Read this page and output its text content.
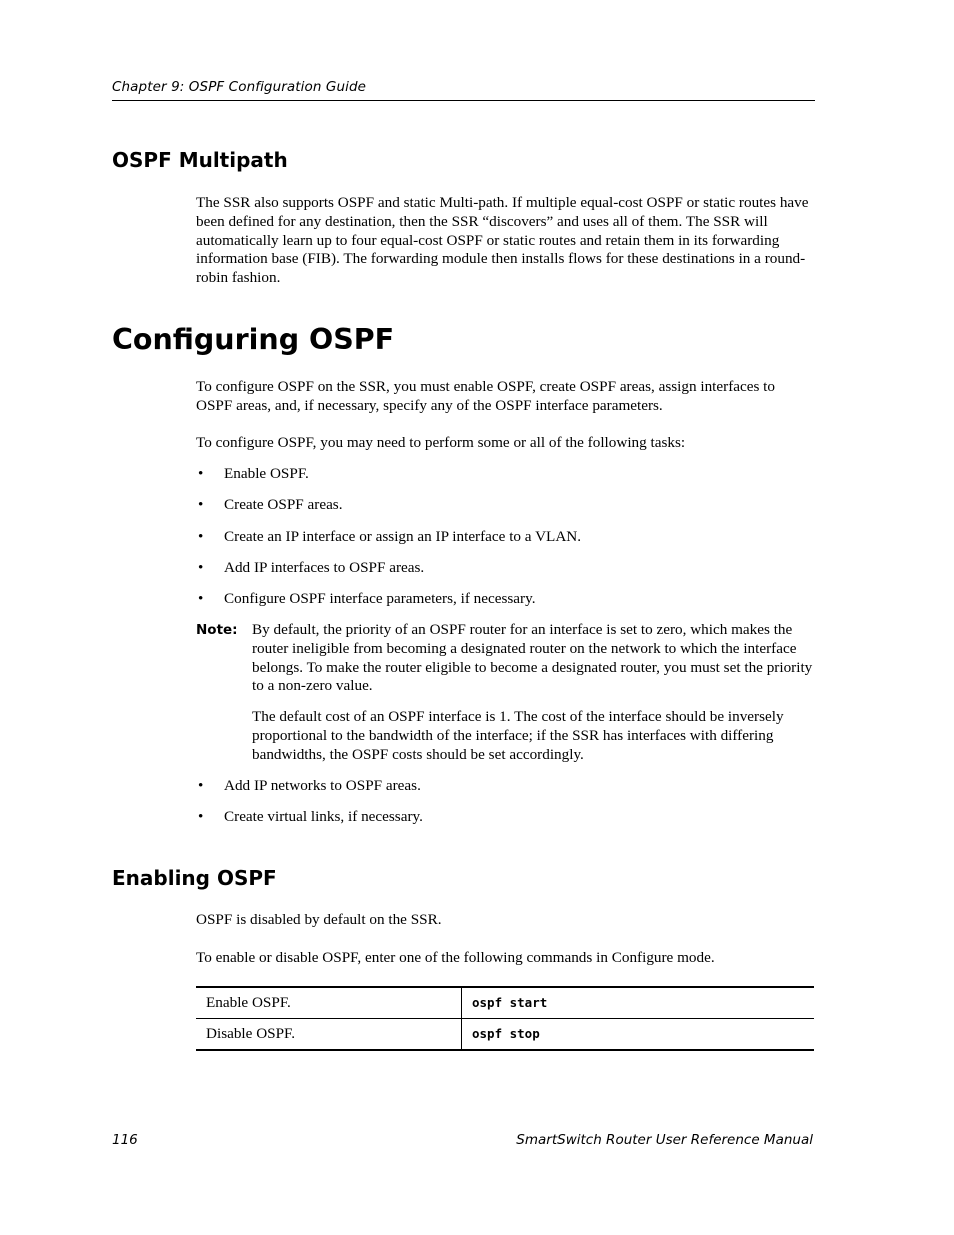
Chapter 9: OSPF Configuration Guide
OSPF Multipath

The SSR also supports OSPF and static Multi-path. If multiple equal-cost OSPF or static routes have been defined for any destination, then the SSR “discovers” and uses all of them. The SSR will automatically learn up to four equal-cost OSPF or static routes and retain them in its forwarding information base (FIB). The forwarding module then installs flows for these destinations in a round-robin fashion.

Configuring OSPF

To configure OSPF on the SSR, you must enable OSPF, create OSPF areas, assign interfaces to OSPF areas, and, if necessary, specify any of the OSPF interface parameters.

To configure OSPF, you may need to perform some or all of the following tasks:

• Enable OSPF.
• Create OSPF areas.
• Create an IP interface or assign an IP interface to a VLAN.
• Add IP interfaces to OSPF areas.
• Configure OSPF interface parameters, if necessary.
Note: By default, the priority of an OSPF router for an interface is set to zero, which makes the router ineligible from becoming a designated router on the network to which the interface belongs. To make the router eligible to become a designated router, you must set the priority to a non-zero value.

The default cost of an OSPF interface is 1. The cost of the interface should be inversely proportional to the bandwidth of the interface; if the SSR has interfaces with differing bandwidths, the OSPF costs should be set accordingly.

• Add IP networks to OSPF areas.
• Create virtual links, if necessary.
Enabling OSPF

OSPF is disabled by default on the SSR.

To enable or disable OSPF, enter one of the following commands in Configure mode.

Enable OSPF.	ospf start
Disable OSPF.	ospf stop
116	SmartSwitch Router User Reference Manual
